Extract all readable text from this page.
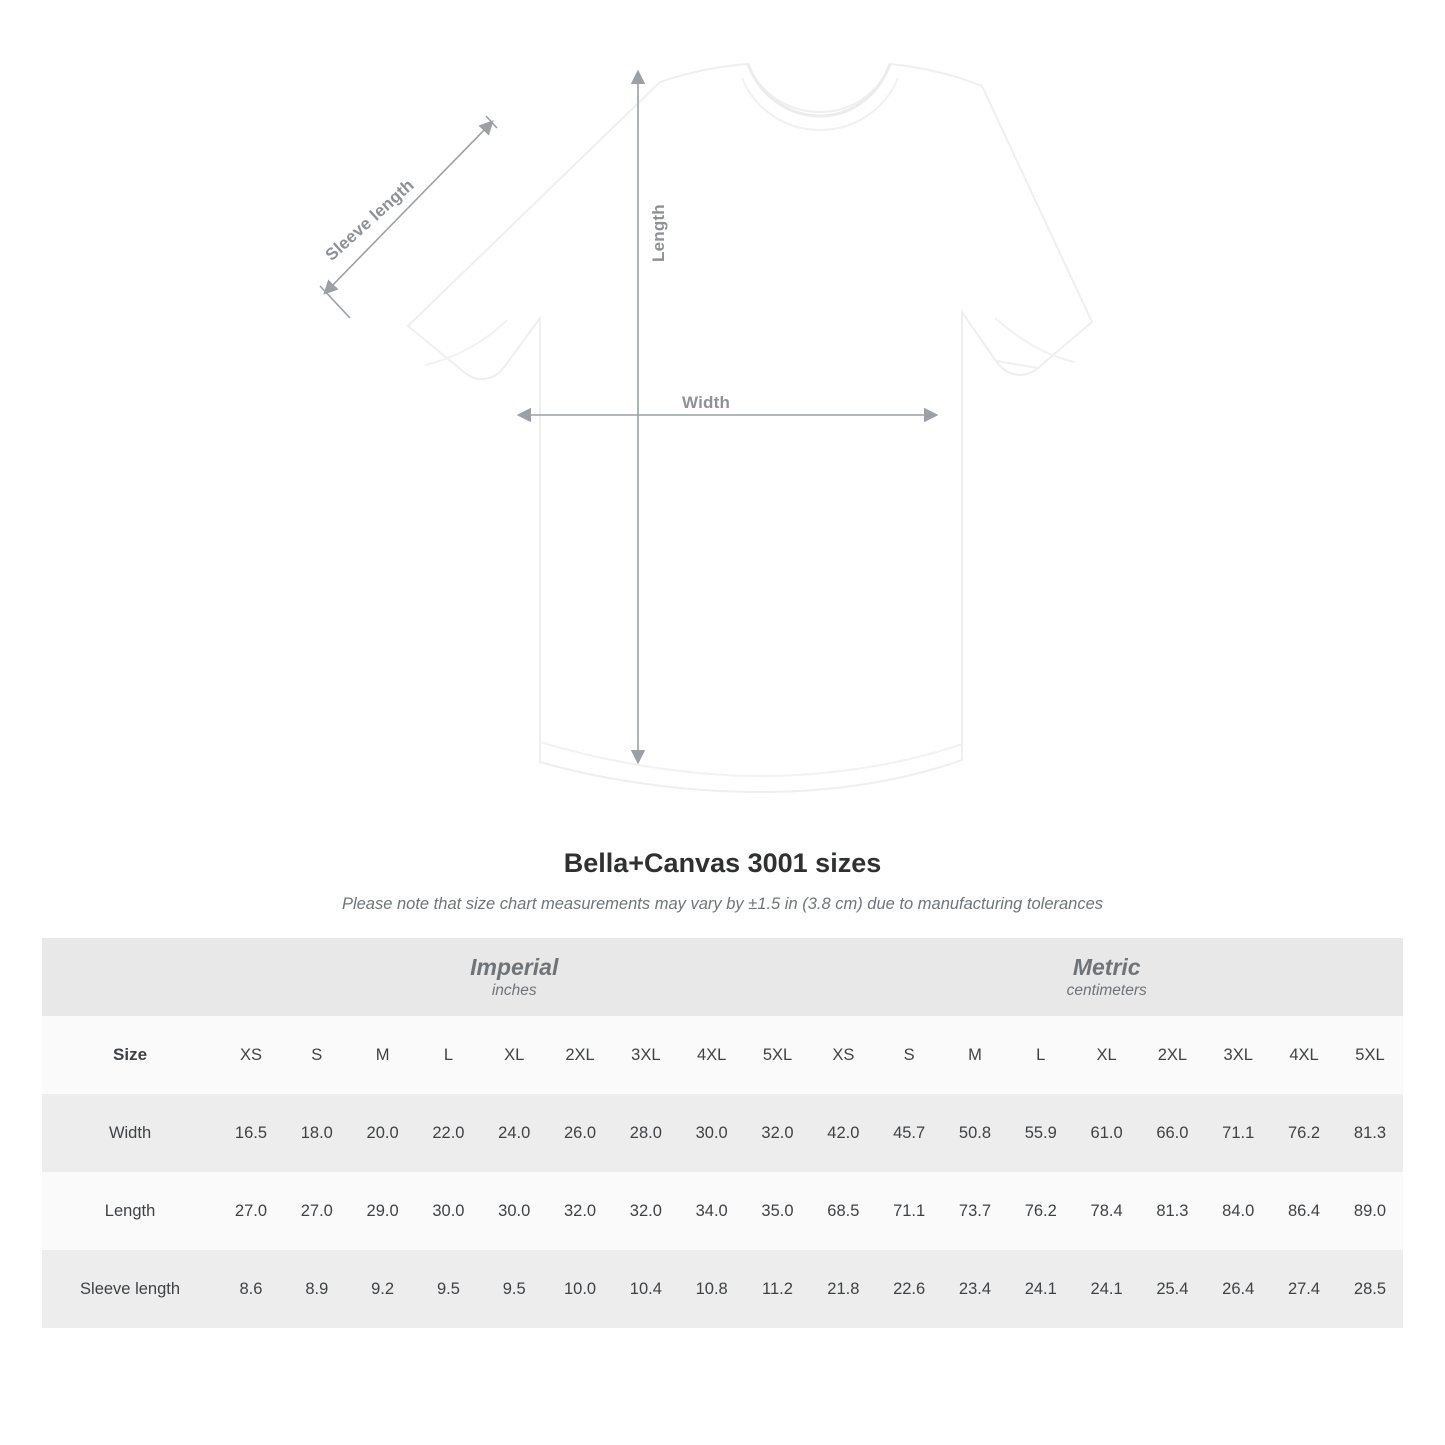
Width
Length
Sleeve length
Bella+Canvas 3001 sizes

Please note that size chart measurements may vary by ±1.5 in (3.8 cm) due to manufacturing tolerances

Imperial
inches

Metric
centimeters

Size	XS	S	M	L	XL	2XL	3XL	4XL	5XL	XS	S	M	L	XL	2XL	3XL	4XL	5XL
Width	16.5	18.0	20.0	22.0	24.0	26.0	28.0	30.0	32.0	42.0	45.7	50.8	55.9	61.0	66.0	71.1	76.2	81.3
Length	27.0	27.0	29.0	30.0	30.0	32.0	32.0	34.0	35.0	68.5	71.1	73.7	76.2	78.4	81.3	84.0	86.4	89.0
Sleeve length	8.6	8.9	9.2	9.5	9.5	10.0	10.4	10.8	11.2	21.8	22.6	23.4	24.1	24.1	25.4	26.4	27.4	28.5
